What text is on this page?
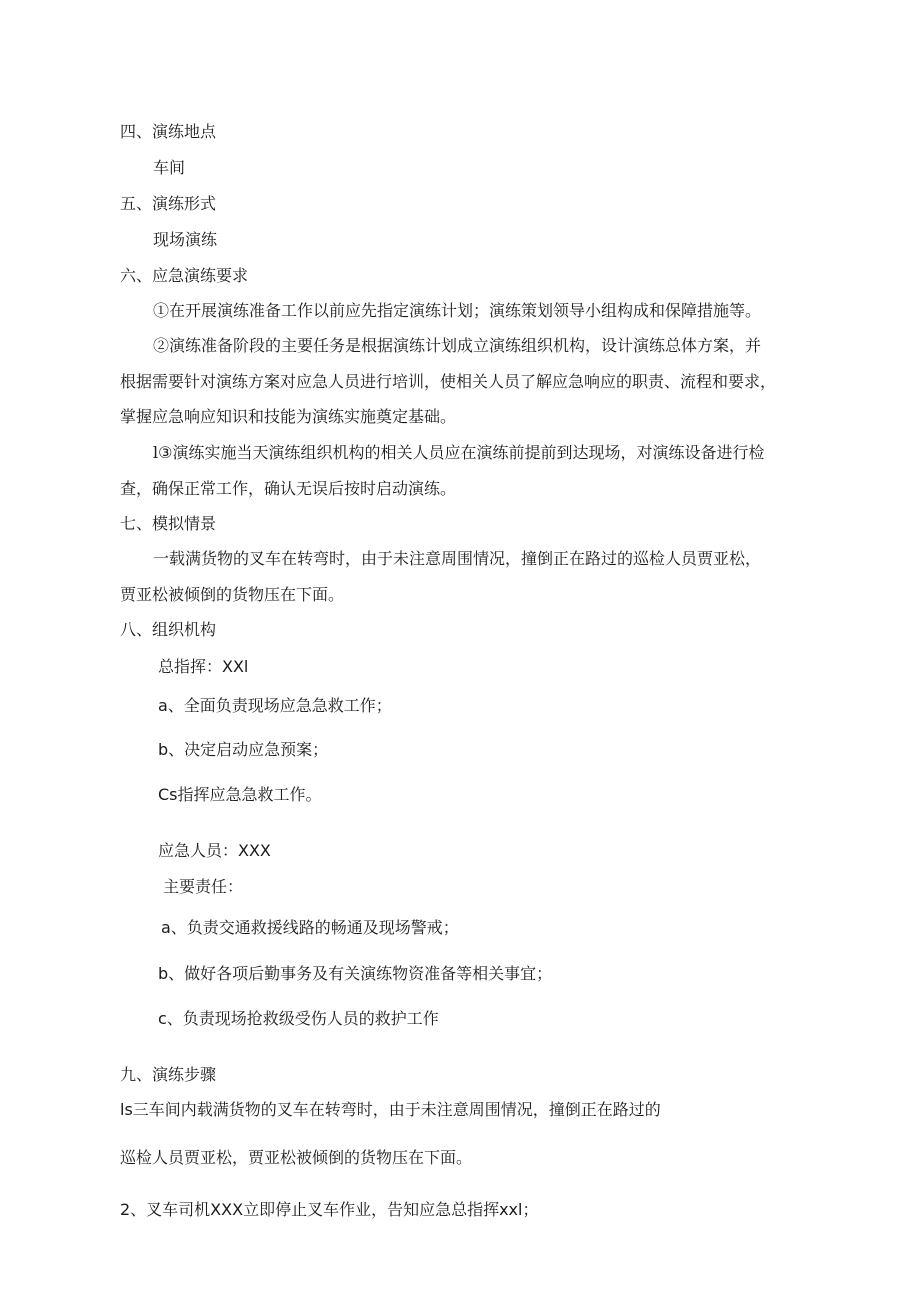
四、演练地点
车间
五、演练形式
现场演练
六、应急演练要求
①在开展演练准备工作以前应先指定演练计划；演练策划领导小组构成和保障措施等。
②演练准备阶段的主要任务是根据演练计划成立演练组织机构，设计演练总体方案，并
根据需要针对演练方案对应急人员进行培训，使相关人员了解应急响应的职责、流程和要求，
掌握应急响应知识和技能为演练实施奠定基础。
l③演练实施当天演练组织机构的相关人员应在演练前提前到达现场，对演练设备进行检
查，确保正常工作，确认无误后按时启动演练。
七、模拟情景
一载满货物的叉车在转弯时，由于未注意周围情况，撞倒正在路过的巡检人员贾亚松，
贾亚松被倾倒的货物压在下面。
八、组织机构
总指挥：XXl
a、全面负责现场应急急救工作；
b、决定启动应急预案；
Cs指挥应急急救工作。
应急人员：XXX
主要责任：
a、负责交通救援线路的畅通及现场警戒；
b、做好各项后勤事务及有关演练物资准备等相关事宜；
c、负责现场抢救级受伤人员的救护工作
九、演练步骤
ls三车间内载满货物的叉车在转弯时，由于未注意周围情况，撞倒正在路过的
巡检人员贾亚松，贾亚松被倾倒的货物压在下面。
2、叉车司机XXX立即停止叉车作业，告知应急总指挥xxl；
